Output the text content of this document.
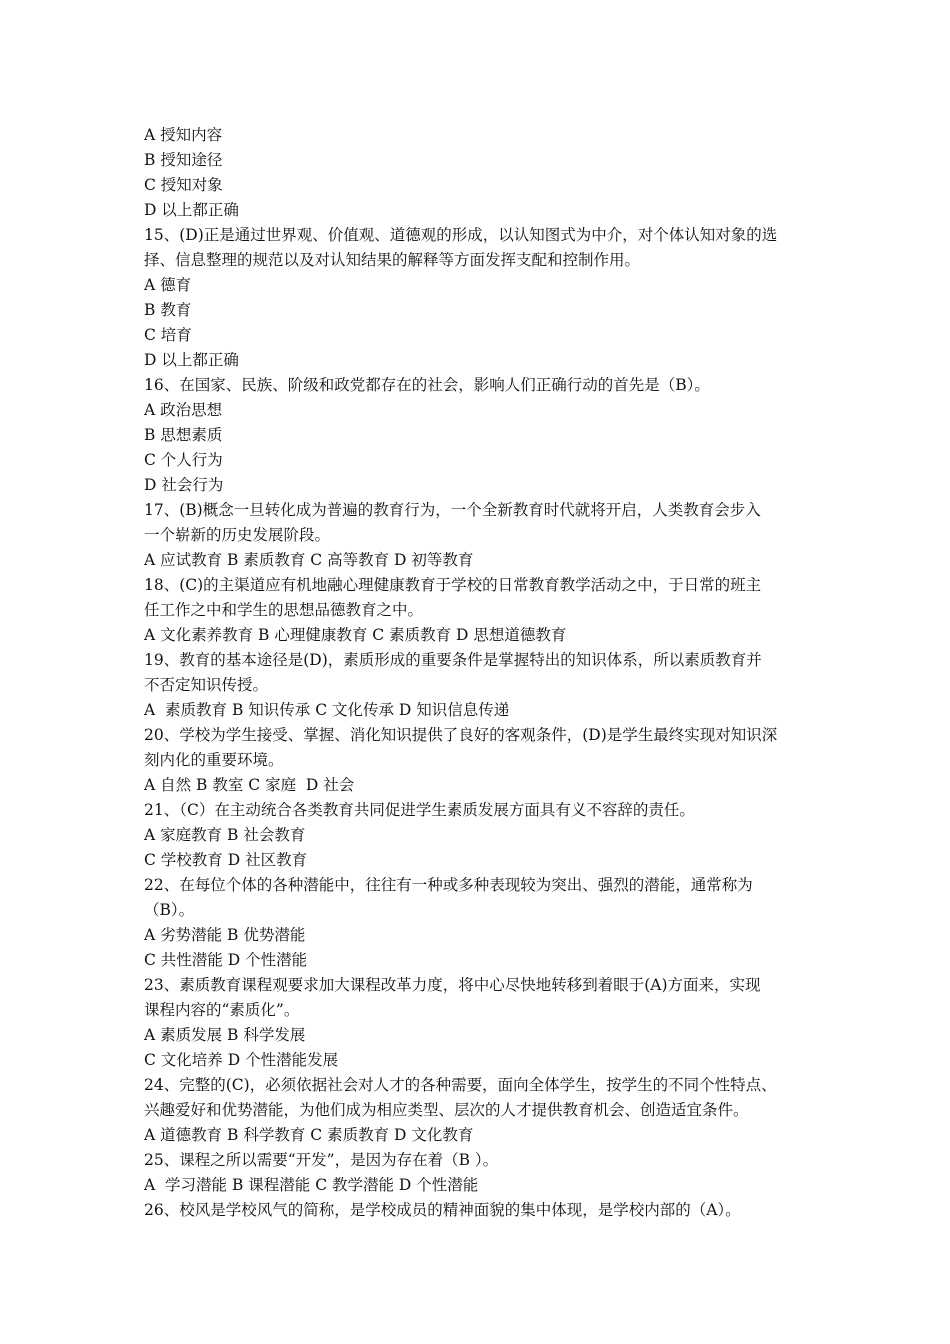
A 授知内容

B 授知途径

C 授知对象

D 以上都正确

15、(D)正是通过世界观、价值观、道德观的形成，以认知图式为中介，对个体认知对象的选

择、信息整理的规范以及对认知结果的解释等方面发挥支配和控制作用。

A 德育

B 教育

C 培育

D 以上都正确

16、在国家、民族、阶级和政党都存在的社会，影响人们正确行动的首先是（B）。

A 政治思想

B 思想素质

C 个人行为

D 社会行为

17、(B)概念一旦转化成为普遍的教育行为，一个全新教育时代就将开启，人类教育会步入

一个崭新的历史发展阶段。

A 应试教育 B 素质教育 C 高等教育 D 初等教育

18、(C)的主渠道应有机地融心理健康教育于学校的日常教育教学活动之中，于日常的班主

任工作之中和学生的思想品德教育之中。

A 文化素养教育 B 心理健康教育 C 素质教育 D 思想道德教育

19、教育的基本途径是(D)，素质形成的重要条件是掌握特出的知识体系，所以素质教育并

不否定知识传授。

A  素质教育 B 知识传承 C 文化传承 D 知识信息传递

20、学校为学生接受、掌握、消化知识提供了良好的客观条件，(D)是学生最终实现对知识深

刻内化的重要环境。

A 自然 B 教室 C 家庭  D 社会

21、（C）在主动统合各类教育共同促进学生素质发展方面具有义不容辞的责任。

A 家庭教育 B 社会教育

C 学校教育 D 社区教育

22、在每位个体的各种潜能中，往往有一种或多种表现较为突出、强烈的潜能，通常称为

（B）。

A 劣势潜能 B 优势潜能

C 共性潜能 D 个性潜能

23、素质教育课程观要求加大课程改革力度，将中心尽快地转移到着眼于(A)方面来，实现

课程内容的“素质化”。

A 素质发展 B 科学发展

C 文化培养 D 个性潜能发展

24、完整的(C)，必须依据社会对人才的各种需要，面向全体学生，按学生的不同个性特点、

兴趣爱好和优势潜能，为他们成为相应类型、层次的人才提供教育机会、创造适宜条件。

A 道德教育 B 科学教育 C 素质教育 D 文化教育

25、课程之所以需要“开发”，是因为存在着（B ）。

A  学习潜能 B 课程潜能 C 教学潜能 D 个性潜能

26、校风是学校风气的简称，是学校成员的精神面貌的集中体现，是学校内部的（A）。
